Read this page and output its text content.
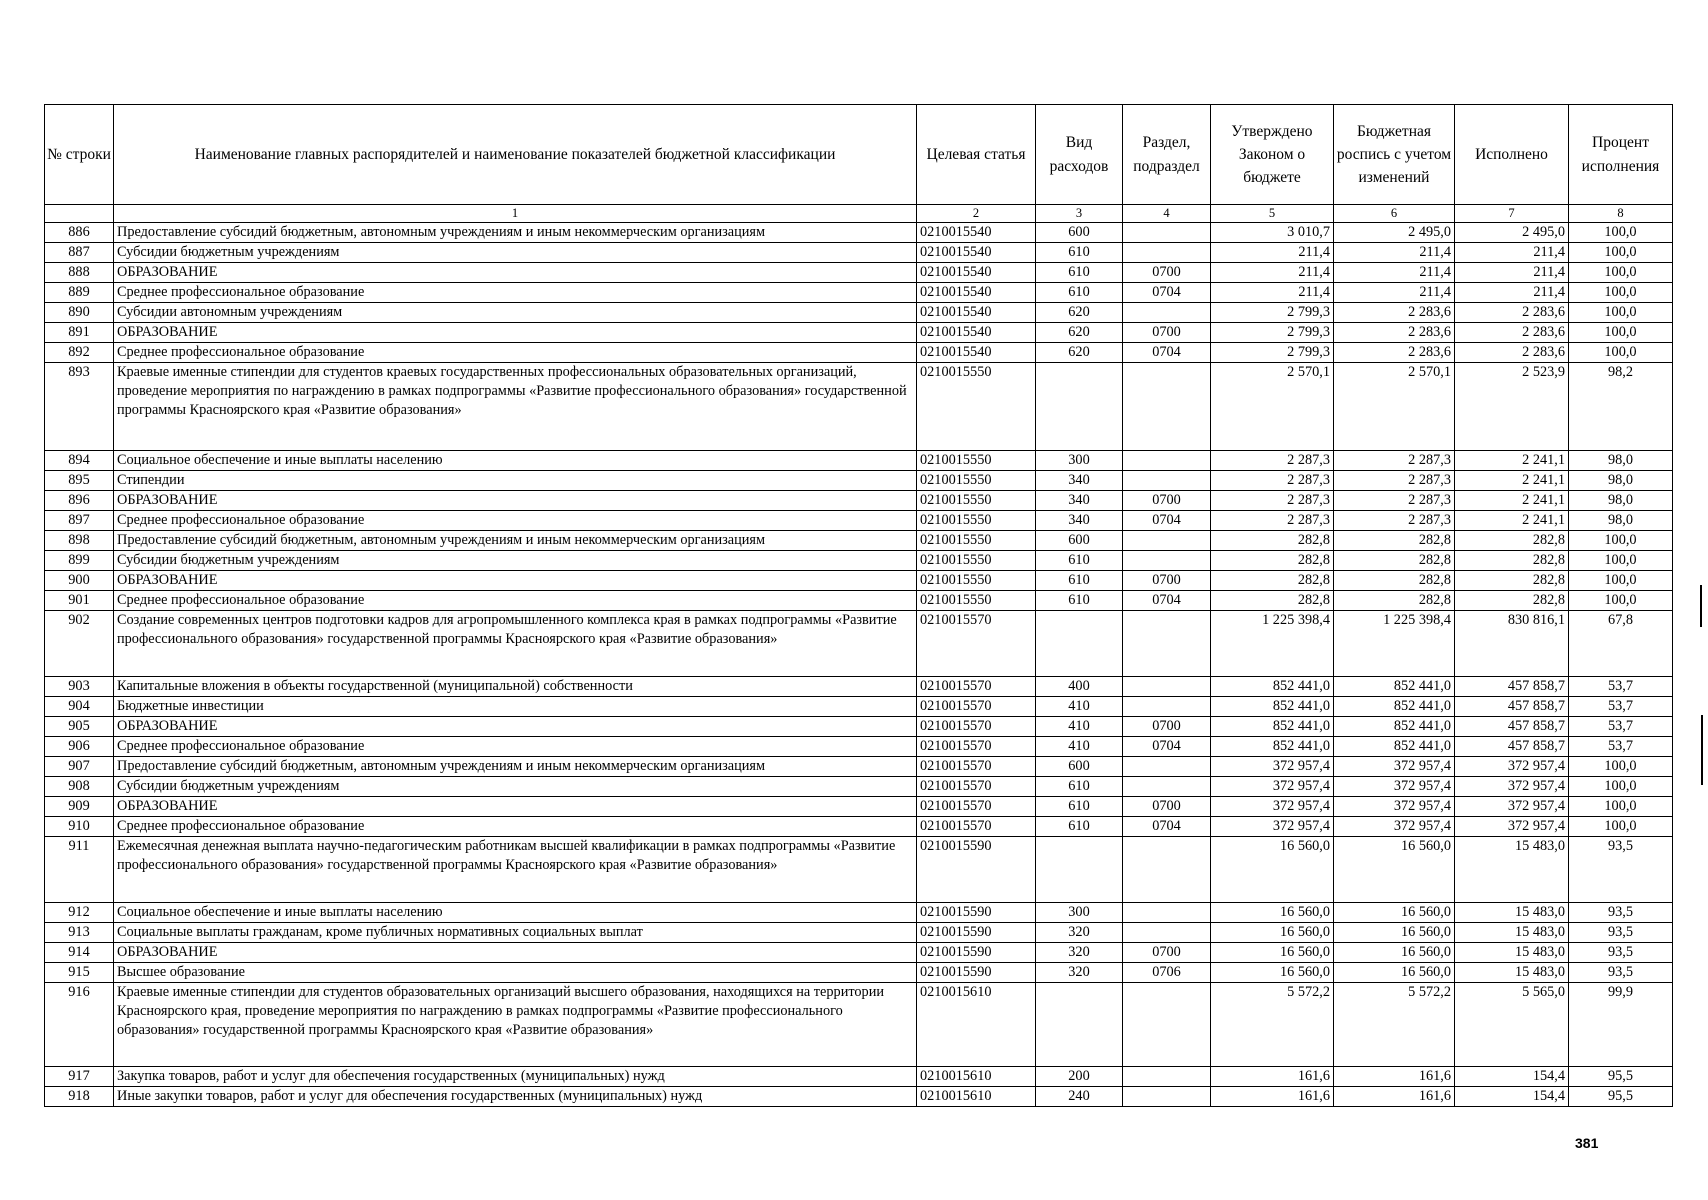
№ строки	Наименование главных распорядителей и наименование показателей бюджетной классификации	Целевая статья	Вид расходов	Раздел, подраздел	Утверждено Законом о бюджете	Бюджетная роспись с учетом изменений	Исполнено	Процент исполнения
	1	2	3	4	5	6	7	8
886	Предоставление субсидий бюджетным, автономным учреждениям и иным некоммерческим организациям	0210015540	600		3 010,7	2 495,0	2 495,0	100,0
887	Субсидии бюджетным учреждениям	0210015540	610		211,4	211,4	211,4	100,0
888	ОБРАЗОВАНИЕ	0210015540	610	0700	211,4	211,4	211,4	100,0
889	Среднее профессиональное образование	0210015540	610	0704	211,4	211,4	211,4	100,0
890	Субсидии автономным учреждениям	0210015540	620		2 799,3	2 283,6	2 283,6	100,0
891	ОБРАЗОВАНИЕ	0210015540	620	0700	2 799,3	2 283,6	2 283,6	100,0
892	Среднее профессиональное образование	0210015540	620	0704	2 799,3	2 283,6	2 283,6	100,0
893	Краевые именные стипендии для студентов краевых государственных профессиональных образовательных организаций, проведение мероприятия по награждению в рамках подпрограммы «Развитие профессионального образования» государственной программы Красноярского края «Развитие образования»	0210015550			2 570,1	2 570,1	2 523,9	98,2
894	Социальное обеспечение и иные выплаты населению	0210015550	300		2 287,3	2 287,3	2 241,1	98,0
895	Стипендии	0210015550	340		2 287,3	2 287,3	2 241,1	98,0
896	ОБРАЗОВАНИЕ	0210015550	340	0700	2 287,3	2 287,3	2 241,1	98,0
897	Среднее профессиональное образование	0210015550	340	0704	2 287,3	2 287,3	2 241,1	98,0
898	Предоставление субсидий бюджетным, автономным учреждениям и иным некоммерческим организациям	0210015550	600		282,8	282,8	282,8	100,0
899	Субсидии бюджетным учреждениям	0210015550	610		282,8	282,8	282,8	100,0
900	ОБРАЗОВАНИЕ	0210015550	610	0700	282,8	282,8	282,8	100,0
901	Среднее профессиональное образование	0210015550	610	0704	282,8	282,8	282,8	100,0
902	Создание современных центров подготовки кадров для агропромышленного комплекса края в рамках подпрограммы «Развитие профессионального образования» государственной программы Красноярского края «Развитие образования»	0210015570			1 225 398,4	1 225 398,4	830 816,1	67,8
903	Капитальные вложения в объекты государственной (муниципальной) собственности	0210015570	400		852 441,0	852 441,0	457 858,7	53,7
904	Бюджетные инвестиции	0210015570	410		852 441,0	852 441,0	457 858,7	53,7
905	ОБРАЗОВАНИЕ	0210015570	410	0700	852 441,0	852 441,0	457 858,7	53,7
906	Среднее профессиональное образование	0210015570	410	0704	852 441,0	852 441,0	457 858,7	53,7
907	Предоставление субсидий бюджетным, автономным учреждениям и иным некоммерческим организациям	0210015570	600		372 957,4	372 957,4	372 957,4	100,0
908	Субсидии бюджетным учреждениям	0210015570	610		372 957,4	372 957,4	372 957,4	100,0
909	ОБРАЗОВАНИЕ	0210015570	610	0700	372 957,4	372 957,4	372 957,4	100,0
910	Среднее профессиональное образование	0210015570	610	0704	372 957,4	372 957,4	372 957,4	100,0
911	Ежемесячная денежная выплата научно-педагогическим работникам высшей квалификации в рамках подпрограммы «Развитие профессионального образования» государственной программы Красноярского края «Развитие образования»	0210015590			16 560,0	16 560,0	15 483,0	93,5
912	Социальное обеспечение и иные выплаты населению	0210015590	300		16 560,0	16 560,0	15 483,0	93,5
913	Социальные выплаты гражданам, кроме публичных нормативных социальных выплат	0210015590	320		16 560,0	16 560,0	15 483,0	93,5
914	ОБРАЗОВАНИЕ	0210015590	320	0700	16 560,0	16 560,0	15 483,0	93,5
915	Высшее образование	0210015590	320	0706	16 560,0	16 560,0	15 483,0	93,5
916	Краевые именные стипендии для студентов образовательных организаций высшего образования, находящихся на территории Красноярского края, проведение мероприятия по награждению в рамках подпрограммы «Развитие профессионального образования» государственной программы Красноярского края «Развитие образования»	0210015610			5 572,2	5 572,2	5 565,0	99,9
917	Закупка товаров, работ и услуг для обеспечения государственных (муниципальных) нужд	0210015610	200		161,6	161,6	154,4	95,5
918	Иные закупки товаров, работ и услуг для обеспечения государственных (муниципальных) нужд	0210015610	240		161,6	161,6	154,4	95,5
381
